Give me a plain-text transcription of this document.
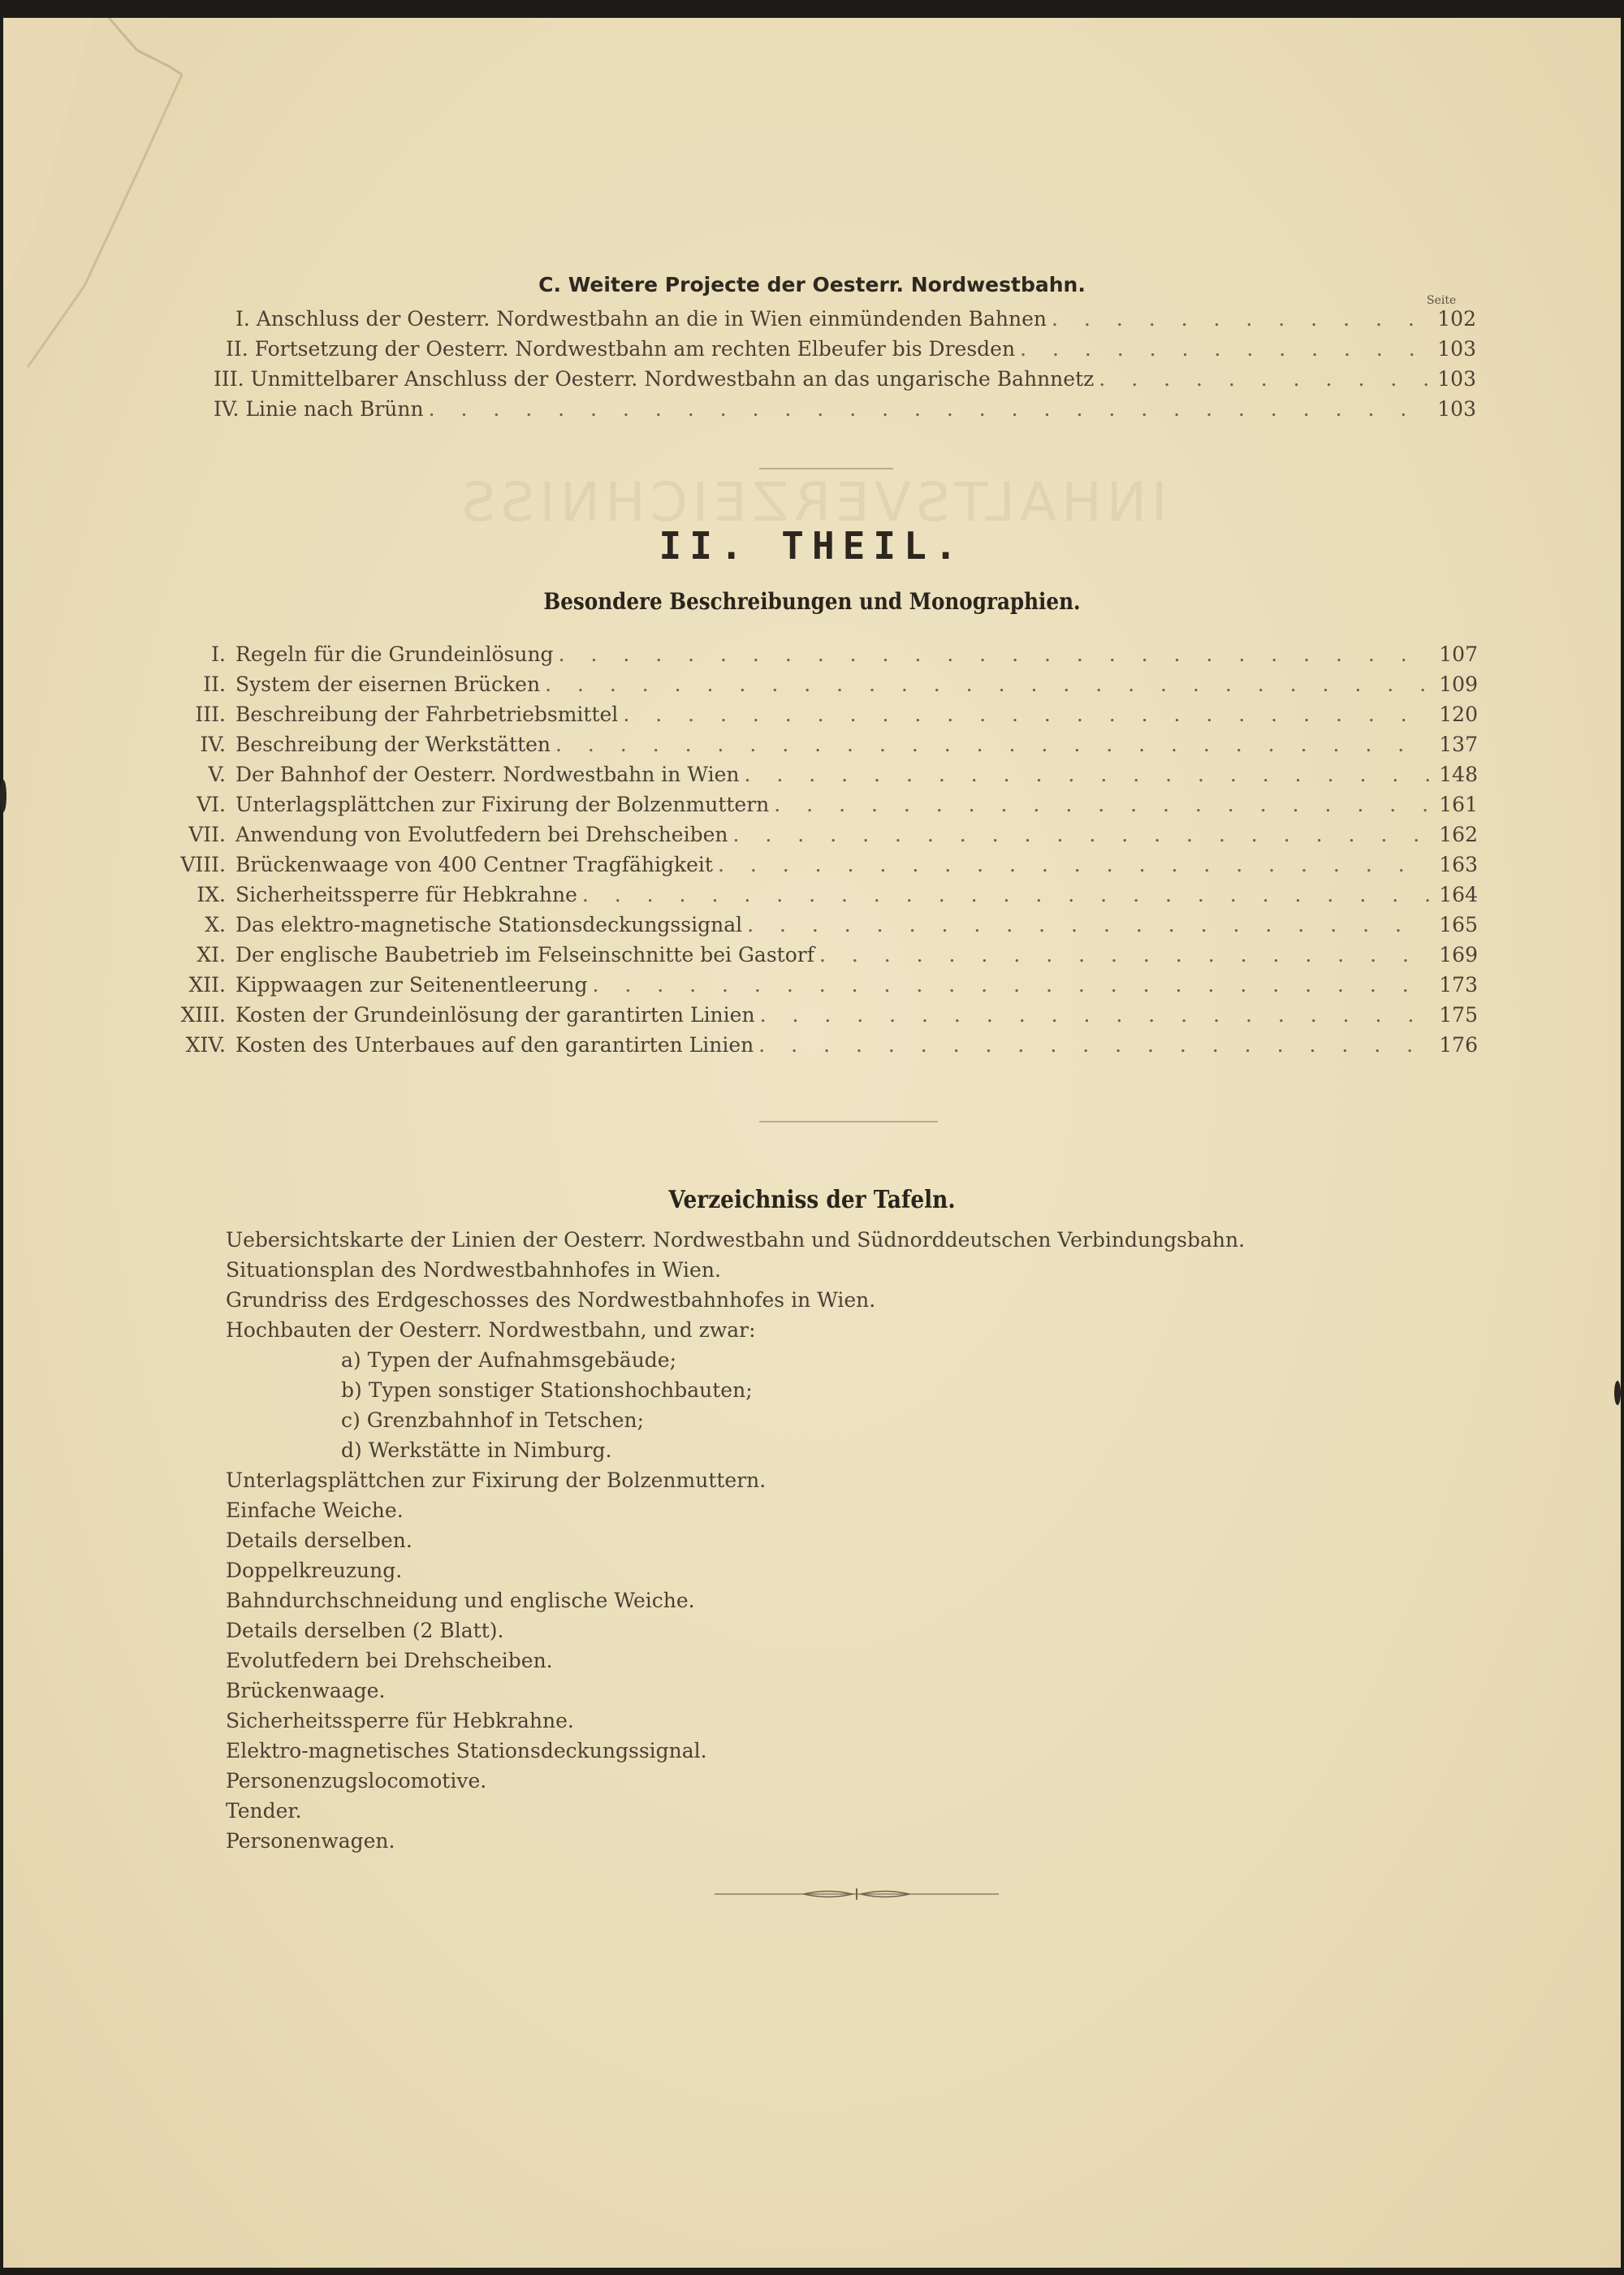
C. Weitere Projecte der Oesterr. Nordwestbahn.
Seite
I. Anschluss der Oesterr. Nordwestbahn an die in Wien einmündenden Bahnen . . .	102
II. Fortsetzung der Oesterr. Nordwestbahn am rechten Elbeufer bis Dresden . . .	103
III. Unmittelbarer Anschluss der Oesterr. Nordwestbahn an das ungarische Bahnnetz . . .	103
IV. Linie nach Brünn . . .	103
INHALTSVERZEICHNISS
II. THEIL.
Besondere Beschreibungen und Monographien.
I. Regeln für die Grundeinlösung . . .	107
II. System der eisernen Brücken . . .	109
III. Beschreibung der Fahrbetriebsmittel . . .	120
IV. Beschreibung der Werkstätten . . .	137
V. Der Bahnhof der Oesterr. Nordwestbahn in Wien . . .	148
VI. Unterlagsplättchen zur Fixirung der Bolzenmuttern . . .	161
VII. Anwendung von Evolutfedern bei Drehscheiben . . .	162
VIII. Brückenwaage von 400 Centner Tragfähigkeit . . .	163
IX. Sicherheitssperre für Hebkrahne . . .	164
X. Das elektro-magnetische Stationsdeckungssignal . . .	165
XI. Der englische Baubetrieb im Felseinschnitte bei Gastorf . . .	169
XII. Kippwaagen zur Seitenentleerung . . .	173
XIII. Kosten der Grundeinlösung der garantirten Linien . . .	175
XIV. Kosten des Unterbaues auf den garantirten Linien . . .	176
Verzeichniss der Tafeln.
Uebersichtskarte der Linien der Oesterr. Nordwestbahn und Südnorddeutschen Verbindungsbahn.
Situationsplan des Nordwestbahnhofes in Wien.
Grundriss des Erdgeschosses des Nordwestbahnhofes in Wien.
Hochbauten der Oesterr. Nordwestbahn, und zwar:
a) Typen der Aufnahmsgebäude;
b) Typen sonstiger Stationshochbauten;
c) Grenzbahnhof in Tetschen;
d) Werkstätte in Nimburg.
Unterlagsplättchen zur Fixirung der Bolzenmuttern.
Einfache Weiche.
Details derselben.
Doppelkreuzung.
Bahndurchschneidung und englische Weiche.
Details derselben (2 Blatt).
Evolutfedern bei Drehscheiben.
Brückenwaage.
Sicherheitssperre für Hebkrahne.
Elektro-magnetisches Stationsdeckungssignal.
Personenzugslocomotive.
Tender.
Personenwagen.
